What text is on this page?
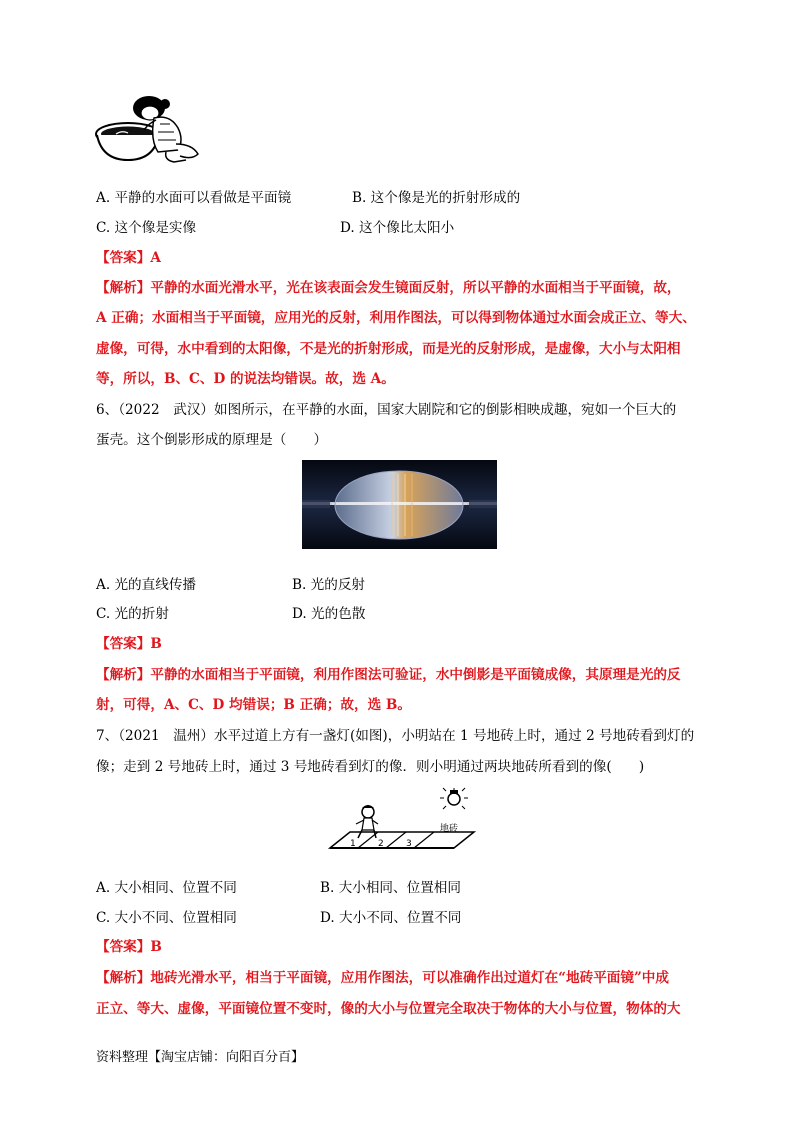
A. 平静的水面可以看做是平面镜	B. 这个像是光的折射形成的
C. 这个像是实像	D. 这个像比太阳小
【答案】A
【解析】平静的水面光滑水平，光在该表面会发生镜面反射，所以平静的水面相当于平面镜，故，
A 正确；水面相当于平面镜，应用光的反射，利用作图法，可以得到物体通过水面会成正立、等大、
虚像，可得，水中看到的太阳像，不是光的折射形成，而是光的反射形成，是虚像，大小与太阳相
等，所以，B、C、D 的说法均错误。故，选 A。
6、（2022　武汉）如图所示，在平静的水面，国家大剧院和它的倒影相映成趣，宛如一个巨大的
蛋壳。这个倒影形成的原理是（　　）
A. 光的直线传播	B. 光的反射
C. 光的折射	D. 光的色散
【答案】B
【解析】平静的水面相当于平面镜，利用作图法可验证，水中倒影是平面镜成像，其原理是光的反
射，可得，A、C、D 均错误；B 正确；故，选 B。
7、（2021　温州）水平过道上方有一盏灯(如图)，小明站在 1 号地砖上时，通过 2 号地砖看到灯的
像；走到 2 号地砖上时，通过 3 号地砖看到灯的像．则小明通过两块地砖所看到的像(　　)
1 2 3
地砖
A. 大小相同、位置不同	B. 大小相同、位置相同
C. 大小不同、位置相同	D. 大小不同、位置不同
【答案】B
【解析】地砖光滑水平，相当于平面镜，应用作图法，可以准确作出过道灯在“地砖平面镜”中成
正立、等大、虚像，平面镜位置不变时，像的大小与位置完全取决于物体的大小与位置，物体的大
资料整理【淘宝店铺：向阳百分百】
